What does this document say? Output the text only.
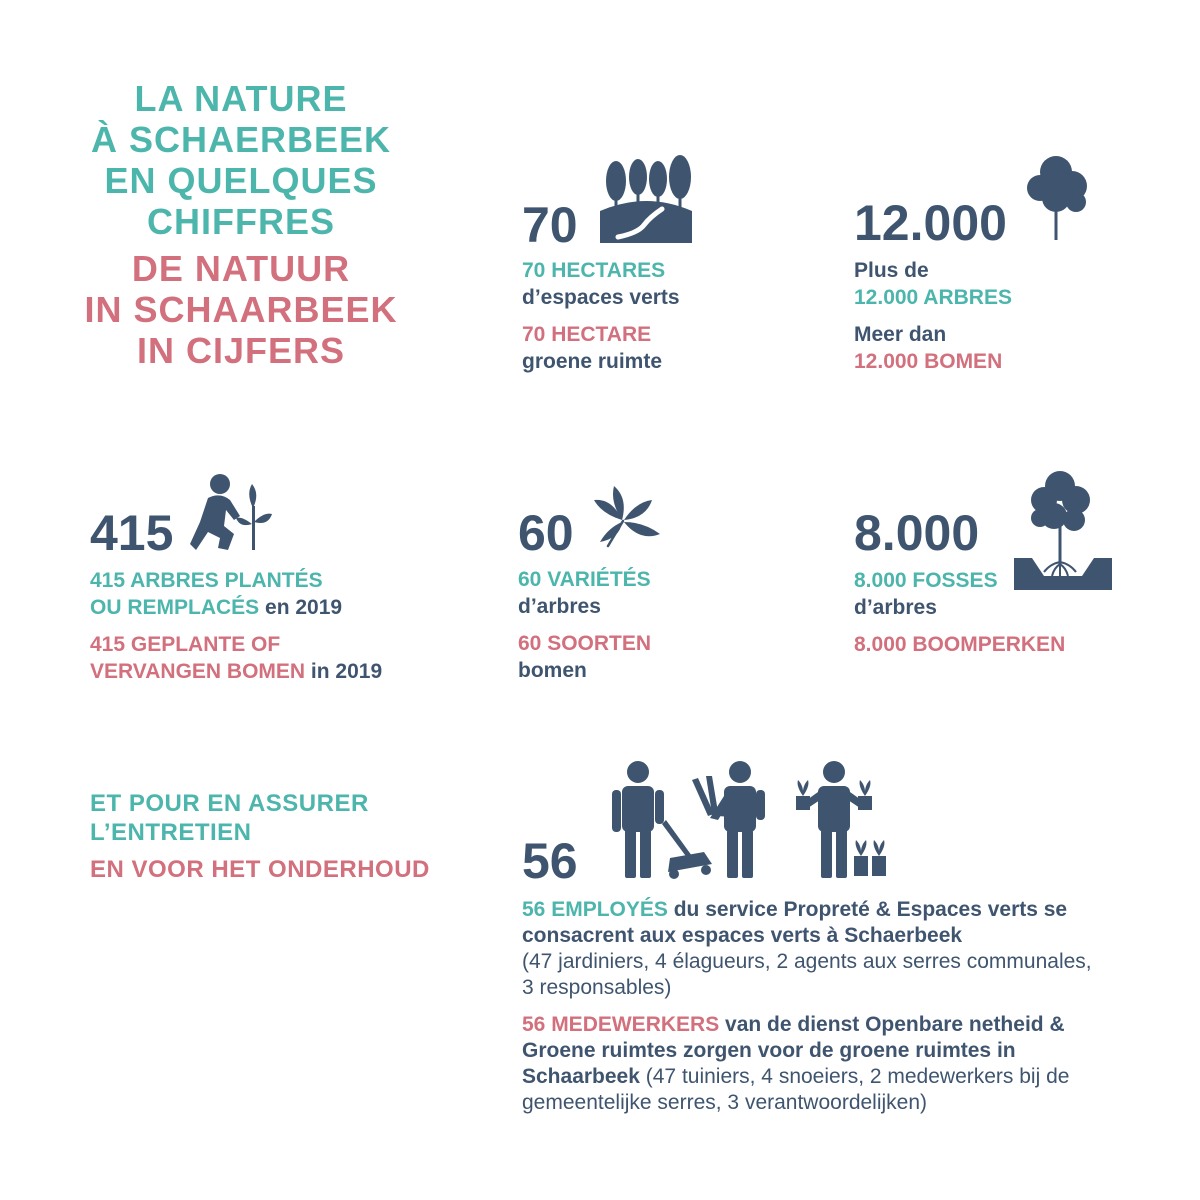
LA NATURE
À SCHAERBEEK
EN QUELQUES
CHIFFRES
DE NATUUR
IN SCHAARBEEK
IN CIJFERS
70
70 HECTARES
d’espaces verts
70 HECTARE
groene ruimte
12.000
Plus de
12.000 ARBRES
Meer dan
12.000 BOMEN
415
415 ARBRES PLANTÉS
OU REMPLACÉS en 2019
415 GEPLANTE OF
VERVANGEN BOMEN in 2019
60
60 VARIÉTÉS
d’arbres
60 SOORTEN
bomen
8.000
8.000 FOSSES
d’arbres
8.000 BOOMPERKEN
ET POUR EN ASSURER
L’ENTRETIEN
EN VOOR HET ONDERHOUD	56
56 EMPLOYÉS du service Propreté & Espaces verts se consacrent aux espaces verts à Schaerbeek
(47 jardiniers, 4 élagueurs, 2 agents aux serres communales, 3 responsables)
56 MEDEWERKERS van de dienst Openbare netheid & Groene ruimtes zorgen voor de groene ruimtes in Schaarbeek (47 tuiniers, 4 snoeiers, 2 medewerkers bij de gemeentelijke serres, 3 verantwoordelijken)
